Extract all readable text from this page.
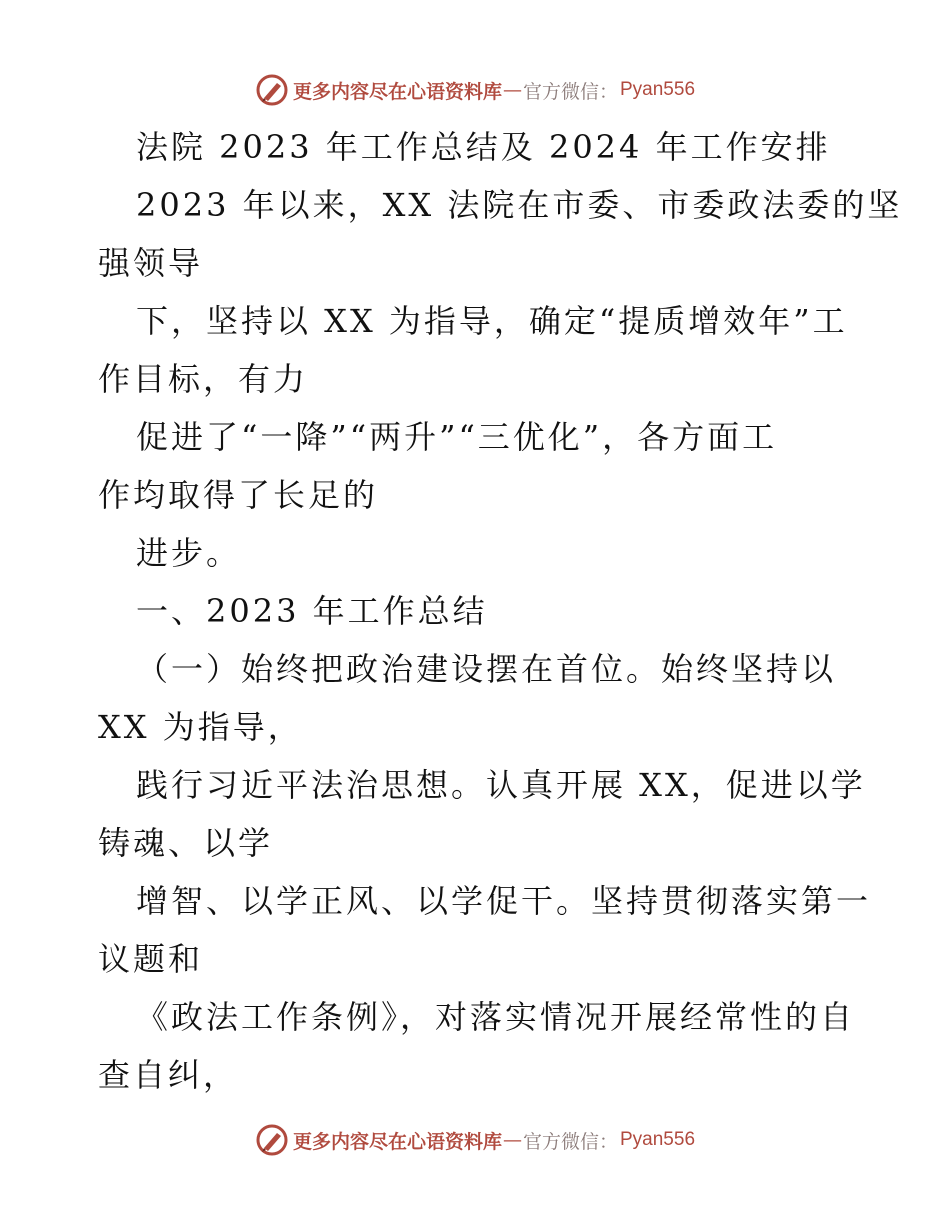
更多内容尽在心语资料库 — 官方微信： Pyan556
法院 2023 年工作总结及 2024 年工作安排
2023 年以来，XX 法院在市委、市委政法委的坚
强领导
下，坚持以 XX 为指导，确定“提质增效年”工
作目标，有力
促进了“一降”“两升”“三优化”，各方面工
作均取得了长足的
进步。
一、2023 年工作总结
（一）始终把政治建设摆在首位。始终坚持以
XX 为指导，
践行习近平法治思想。认真开展 XX，促进以学
铸魂、以学
增智、以学正风、以学促干。坚持贯彻落实第一
议题和
《政法工作条例》，对落实情况开展经常性的自
查自纠，
更多内容尽在心语资料库 — 官方微信： Pyan556
